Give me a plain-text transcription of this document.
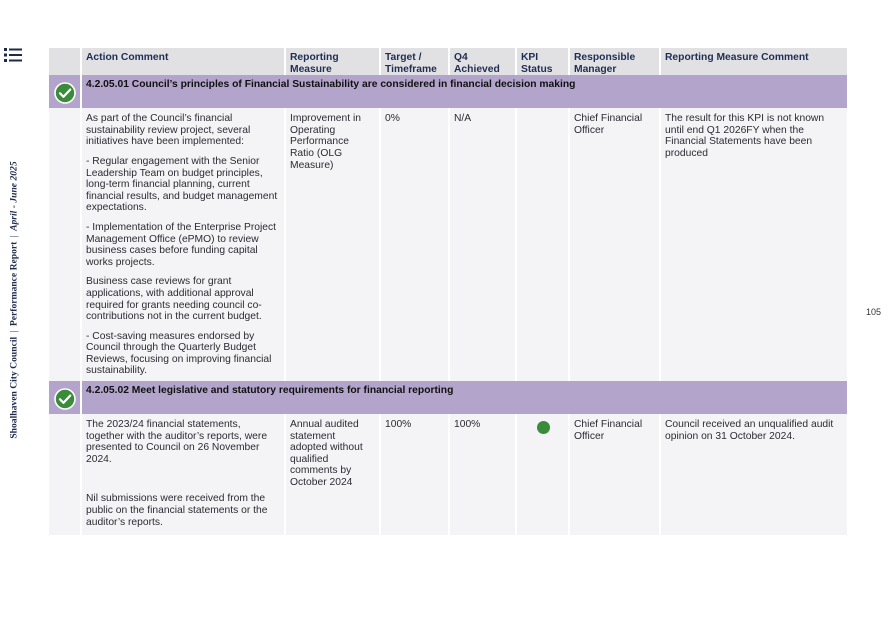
Shoalhaven City Council | Performance Report | April - June 2025
105
	Action Comment	Reporting Measure	Target / Timeframe	Q4 Achieved	KPI Status	Responsible Manager	Reporting Measure Comment

	4.2.05.01 Council’s principles of Financial Sustainability are considered in financial decision making						

	As part of the Council’s financial sustainability review project, several initiatives have been implemented:

- Regular engagement with the Senior Leadership Team on budget principles, long-term financial planning, current financial results, and budget management expectations.

- Implementation of the Enterprise Project Management Office (ePMO) to review business cases before funding capital works projects.

Business case reviews for grant applications, with additional approval required for grants needing council co-contributions not in the current budget.

- Cost-saving measures endorsed by Council through the Quarterly Budget Reviews, focusing on improving financial sustainability.	Improvement in Operating Performance Ratio (OLG Measure)	0%	N/A		Chief Financial Officer	The result for this KPI is not known until end Q1 2026FY when the Financial Statements have been produced

	4.2.05.02 Meet legislative and statutory requirements for financial reporting						

	The 2023/24 financial statements, together with the auditor’s reports, were presented to Council on 26 November 2024.

Nil submissions were received from the public on the financial statements or the auditor’s reports.	Annual audited statement adopted without qualified comments by October 2024	100%	100%		Chief Financial Officer	Council received an unqualified audit opinion on 31 October 2024.
